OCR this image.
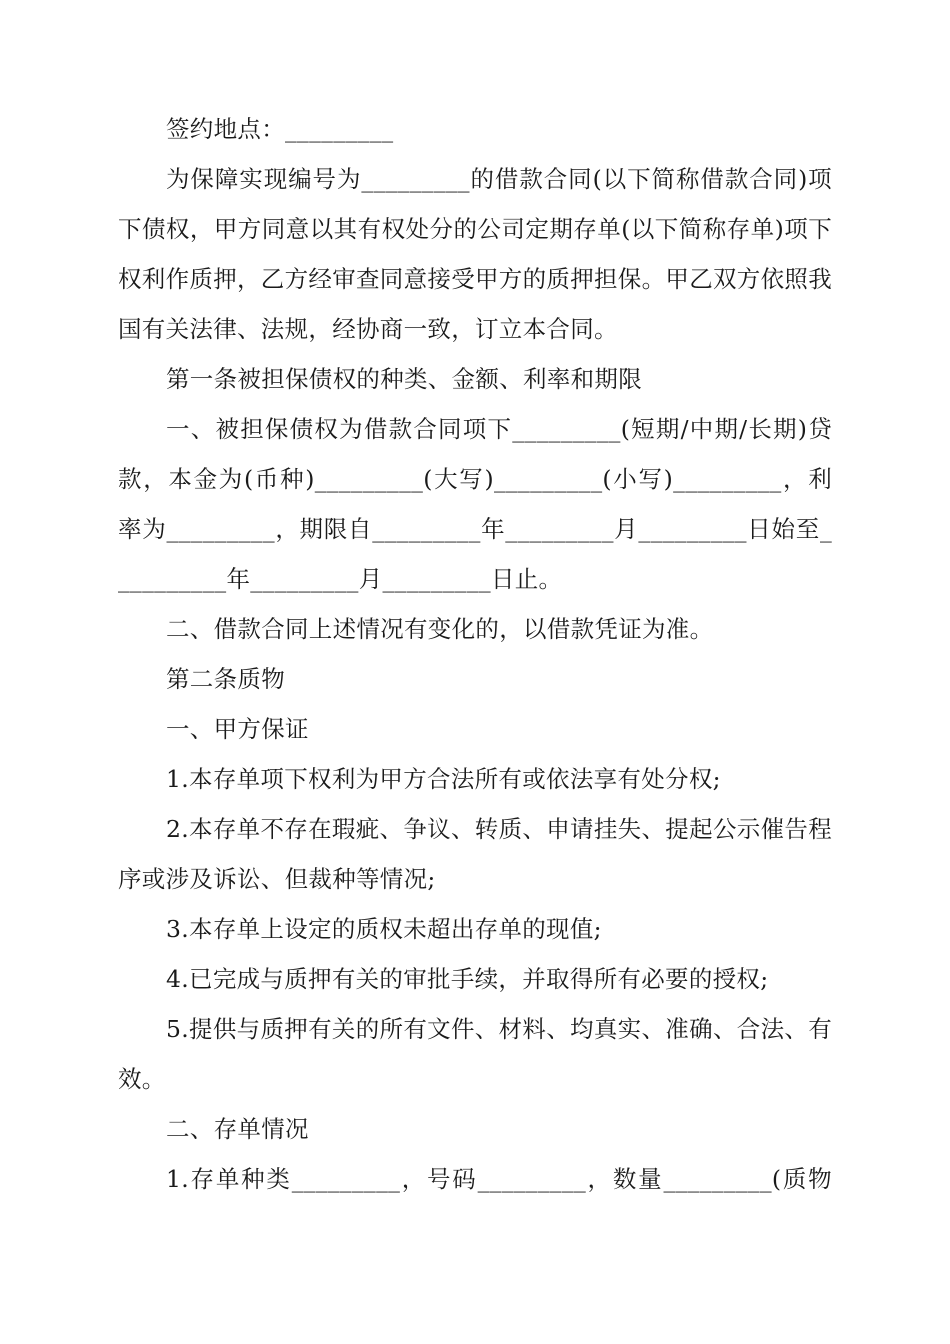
签约地点：_________

为保障实现编号为_________的借款合同(以下简称借款合同)项下债权，甲方同意以其有权处分的公司定期存单(以下简称存单)项下权利作质押，乙方经审查同意接受甲方的质押担保。甲乙双方依照我国有关法律、法规，经协商一致，订立本合同。

第一条被担保债权的种类、金额、利率和期限

一、被担保债权为借款合同项下_________(短期/中期/长期)贷款，本金为(币种)_________(大写)_________(小写)_________，利率为_________，期限自_________年_________月_________日始至__________年_________月_________日止。

二、借款合同上述情况有变化的，以借款凭证为准。

第二条质物

一、甲方保证

1.本存单项下权利为甲方合法所有或依法享有处分权;

2.本存单不存在瑕疵、争议、转质、申请挂失、提起公示催告程序或涉及诉讼、但裁种等情况;

3.本存单上设定的质权未超出存单的现值;

4.已完成与质押有关的审批手续，并取得所有必要的授权;

5.提供与质押有关的所有文件、材料、均真实、准确、合法、有效。

二、存单情况

1.存单种类_________，号码_________，数量_________(质物
